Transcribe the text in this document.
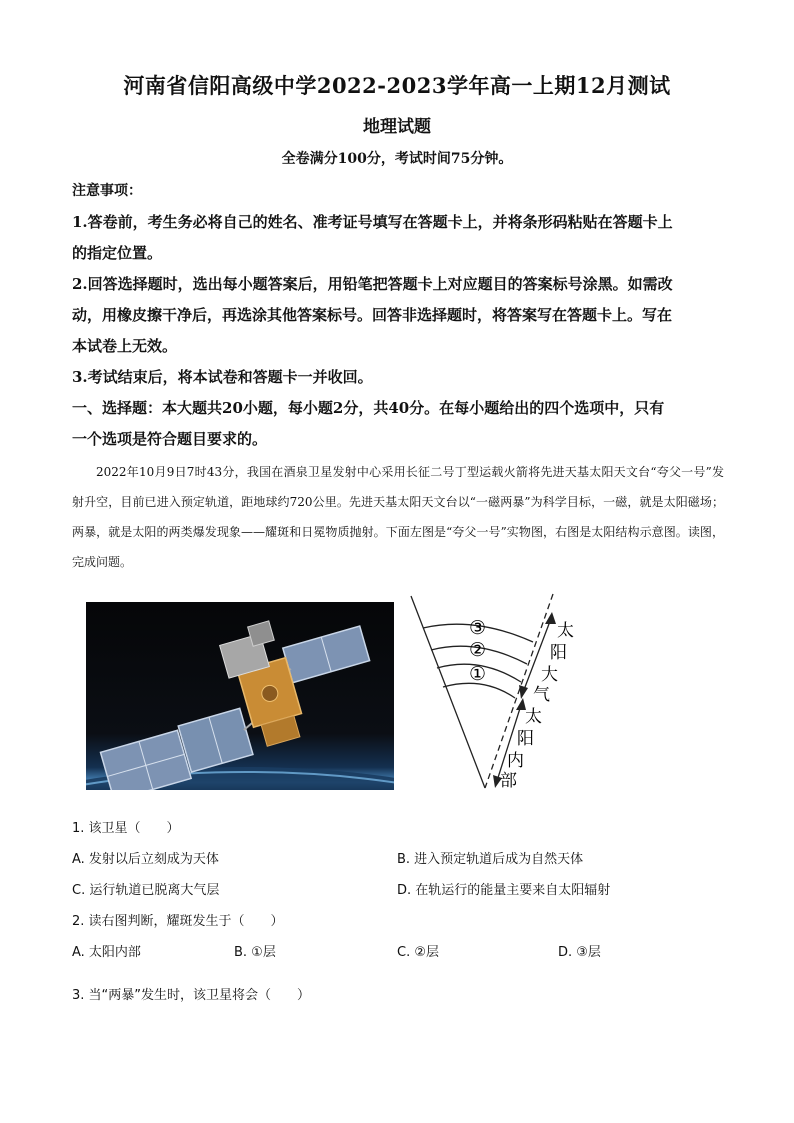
河南省信阳高级中学2022-2023学年高一上期12月测试
地理试题
全卷满分100分，考试时间75分钟。
注意事项：
1.答卷前，考生务必将自己的姓名、准考证号填写在答题卡上，并将条形码粘贴在答题卡上
的指定位置。
2.回答选择题时，选出每小题答案后，用铅笔把答题卡上对应题目的答案标号涂黑。如需改
动，用橡皮擦干净后，再选涂其他答案标号。回答非选择题时，将答案写在答题卡上。写在
本试卷上无效。
3.考试结束后，将本试卷和答题卡一并收回。
一、选择题：本大题共20小题，每小题2分，共40分。在每小题给出的四个选项中，只有
一个选项是符合题目要求的。
2022年10月9日7时43分，我国在酒泉卫星发射中心采用长征二号丁型运载火箭将先进天基太阳天文台“夸父一号”发射升空，目前已进入预定轨道，距地球约720公里。先进天基太阳天文台以“一磁两暴”为科学目标，一磁，就是太阳磁场；两暴，就是太阳的两类爆发现象——耀斑和日冕物质抛射。下面左图是“夸父一号”实物图，右图是太阳结构示意图。读图，完成问题。
③
②
①
太
阳
大
气
太
阳
内
部
1. 该卫星（　　）
A. 发射以后立刻成为天体	B. 进入预定轨道后成为自然天体
C. 运行轨道已脱离大气层	D. 在轨运行的能量主要来自太阳辐射
2. 读右图判断，耀斑发生于（　　）
A. 太阳内部	B. ①层	C. ②层	D. ③层
3. 当“两暴”发生时，该卫星将会（　　）
